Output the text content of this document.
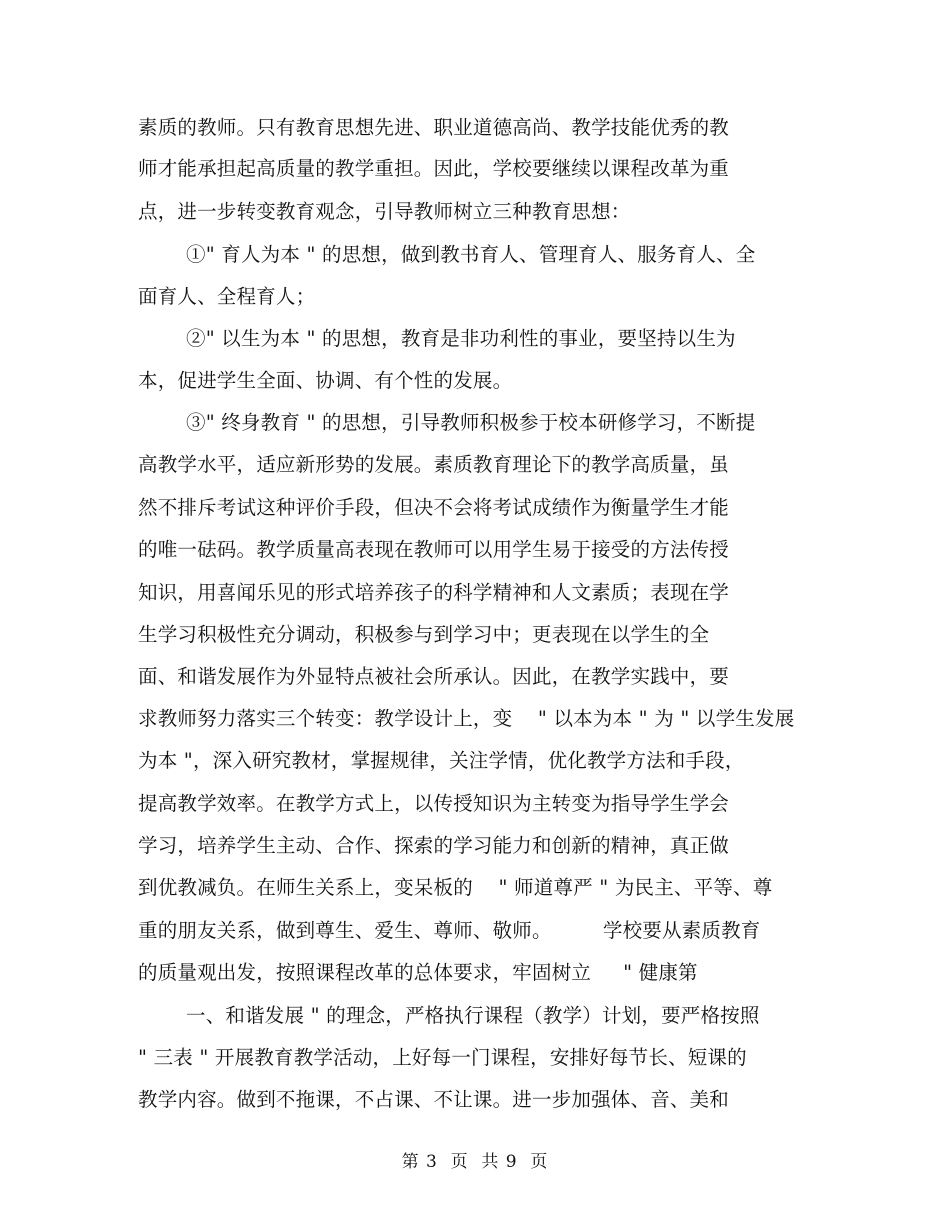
素质的教师。只有教育思想先进、职业道德高尚、教学技能优秀的教
师才能承担起高质量的教学重担。因此，学校要继续以课程改革为重
点，进一步转变教育观念，引导教师树立三种教育思想：
①" 育人为本 " 的思想，做到教书育人、管理育人、服务育人、全
面育人、全程育人；
②" 以生为本 " 的思想，教育是非功利性的事业，要坚持以生为
本，促进学生全面、协调、有个性的发展。
③" 终身教育 " 的思想，引导教师积极参于校本研修学习，不断提
高教学水平，适应新形势的发展。素质教育理论下的教学高质量，虽
然不排斥考试这种评价手段，但决不会将考试成绩作为衡量学生才能
的唯一砝码。教学质量高表现在教师可以用学生易于接受的方法传授
知识，用喜闻乐见的形式培养孩子的科学精神和人文素质；表现在学
生学习积极性充分调动，积极参与到学习中；更表现在以学生的全
面、和谐发展作为外显特点被社会所承认。因此，在教学实践中，要
求教师努力落实三个转变：教学设计上，变    " 以本为本 " 为 " 以学生发展
为本 "，深入研究教材，掌握规律，关注学情，优化教学方法和手段，
提高教学效率。在教学方式上，以传授知识为主转变为指导学生学会
学习，培养学生主动、合作、探索的学习能力和创新的精神，真正做
到优教减负。在师生关系上，变呆板的    " 师道尊严 " 为民主、平等、尊
重的朋友关系，做到尊生、爱生、尊师、敬师。        学校要从素质教育
的质量观出发，按照课程改革的总体要求，牢固树立     " 健康第
一、和谐发展 " 的理念，严格执行课程（教学）计划，要严格按照
" 三表 " 开展教育教学活动，上好每一门课程，安排好每节长、短课的
教学内容。做到不拖课，不占课、不让课。进一步加强体、音、美和
第 3  页  共 9  页
